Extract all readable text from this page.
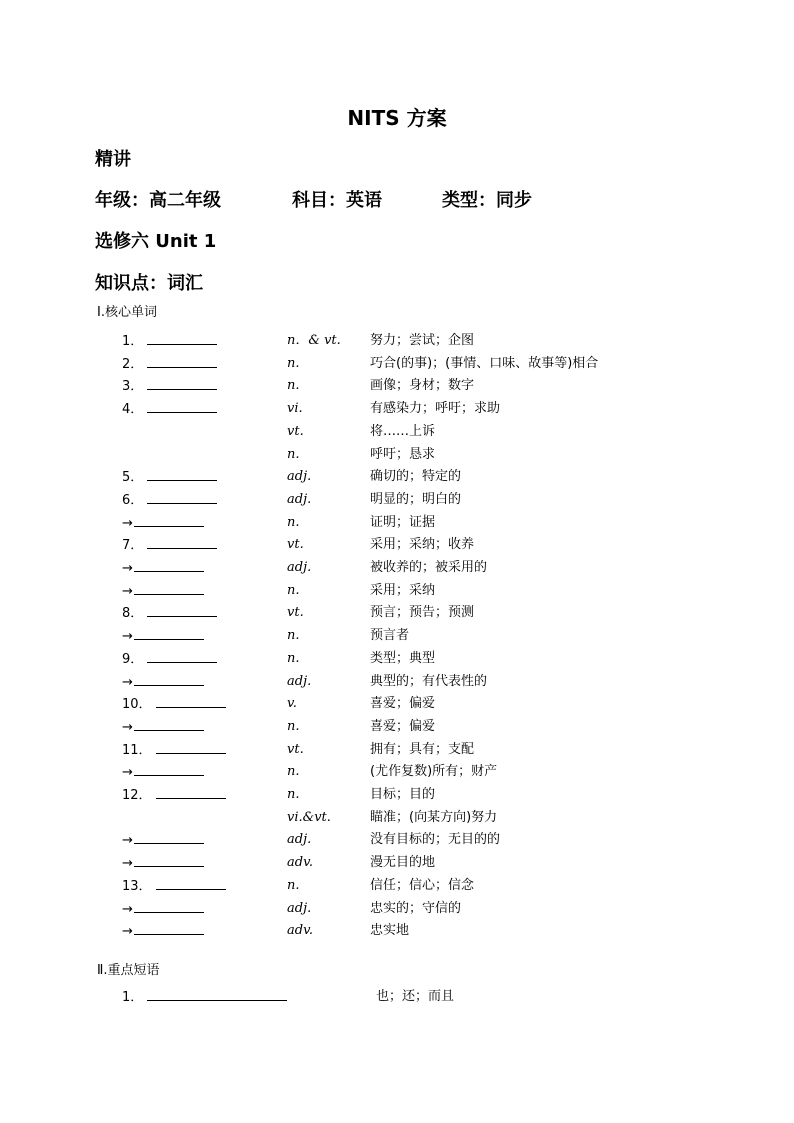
NITS 方案
精讲
年级：高二年级	科目：英语	类型：同步
选修六 Unit 1
知识点：词汇
Ⅰ.核心单词
1．	n．& vt. 努力；尝试；企图
2．	n.	巧合(的事)；(事情、口味、故事等)相合
3．	n.	画像；身材；数字
4．	vi.	有感染力；呼吁；求助
vt.	将……上诉
n.	呼吁；恳求
5．	adj.	确切的；特定的
6．	adj.	明显的；明白的
→	n.	证明；证据
7．	vt.	采用；采纳；收养
→	adj.	被收养的；被采用的
→	n.	采用；采纳
8．	vt.	预言；预告；预测
→	n.	预言者
9．	n.	类型；典型
→	adj.	典型的；有代表性的
10．	v.	喜爱；偏爱
→	n.	喜爱；偏爱
11．	vt.	拥有；具有；支配
→	n.	(尤作复数)所有；财产
12．	n.	目标；目的
vi.&vt.	瞄准；(向某方向)努力
→	adj.	没有目标的；无目的的
→	adv.	漫无目的地
13．	n.	信任；信心；信念
→	adj.	忠实的；守信的
→	adv.	忠实地
Ⅱ.重点短语
1．	也；还；而且
